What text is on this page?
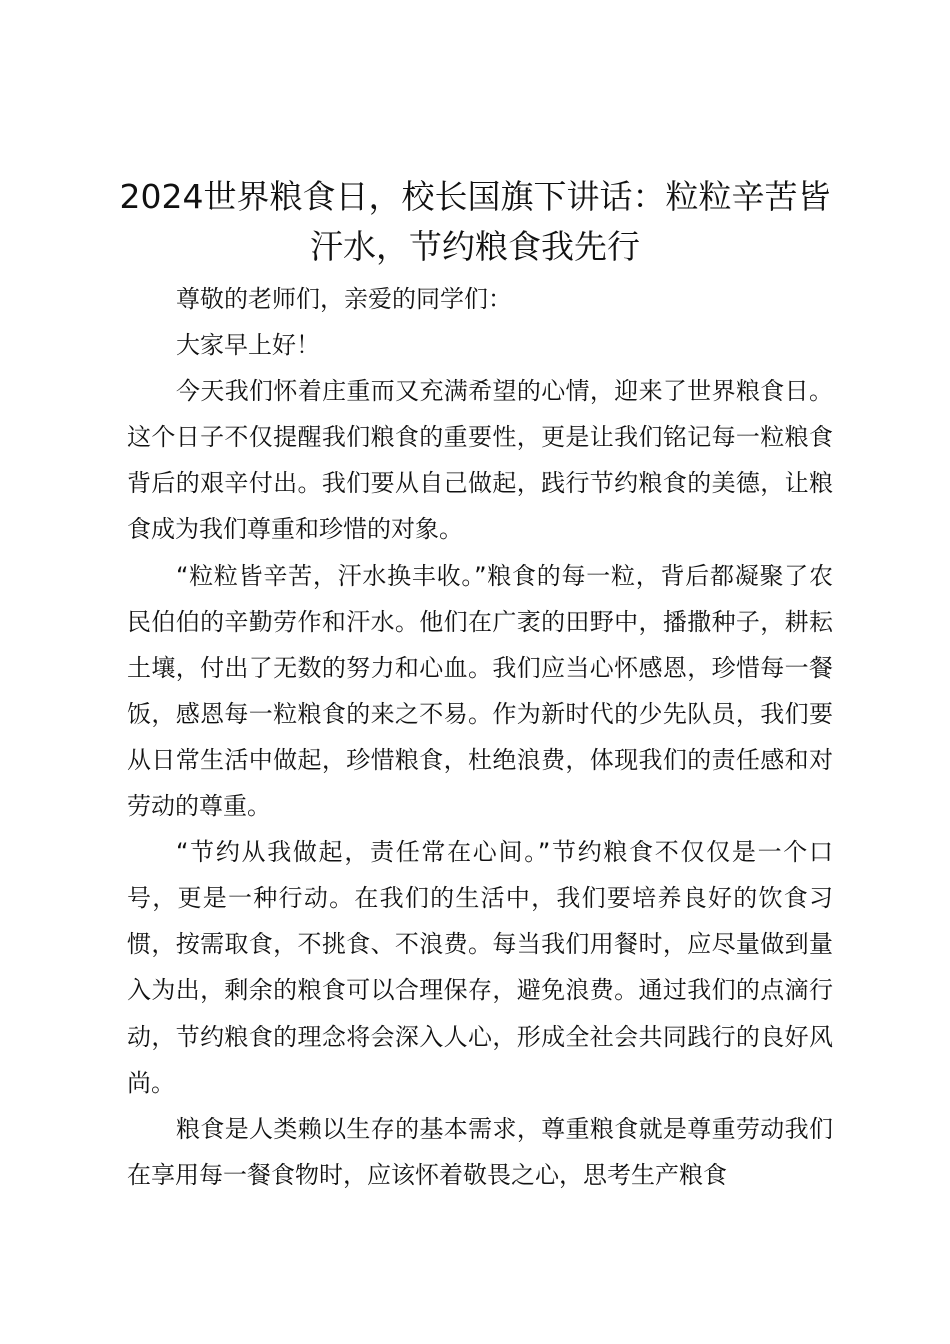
2024世界粮食日，校长国旗下讲话：粒粒辛苦皆汗水，节约粮食我先行

尊敬的老师们，亲爱的同学们：

大家早上好！

今天我们怀着庄重而又充满希望的心情，迎来了世界粮食日。这个日子不仅提醒我们粮食的重要性，更是让我们铭记每一粒粮食背后的艰辛付出。我们要从自己做起，践行节约粮食的美德，让粮食成为我们尊重和珍惜的对象。

“粒粒皆辛苦，汗水换丰收。”粮食的每一粒，背后都凝聚了农民伯伯的辛勤劳作和汗水。他们在广袤的田野中，播撒种子，耕耘土壤，付出了无数的努力和心血。我们应当心怀感恩，珍惜每一餐饭，感恩每一粒粮食的来之不易。作为新时代的少先队员，我们要从日常生活中做起，珍惜粮食，杜绝浪费，体现我们的责任感和对劳动的尊重。

“节约从我做起，责任常在心间。”节约粮食不仅仅是一个口号，更是一种行动。在我们的生活中，我们要培养良好的饮食习惯，按需取食，不挑食、不浪费。每当我们用餐时，应尽量做到量入为出，剩余的粮食可以合理保存，避免浪费。通过我们的点滴行动，节约粮食的理念将会深入人心，形成全社会共同践行的良好风尚。

粮食是人类赖以生存的基本需求，尊重粮食就是尊重劳动我们在享用每一餐食物时，应该怀着敬畏之心，思考生产粮食
